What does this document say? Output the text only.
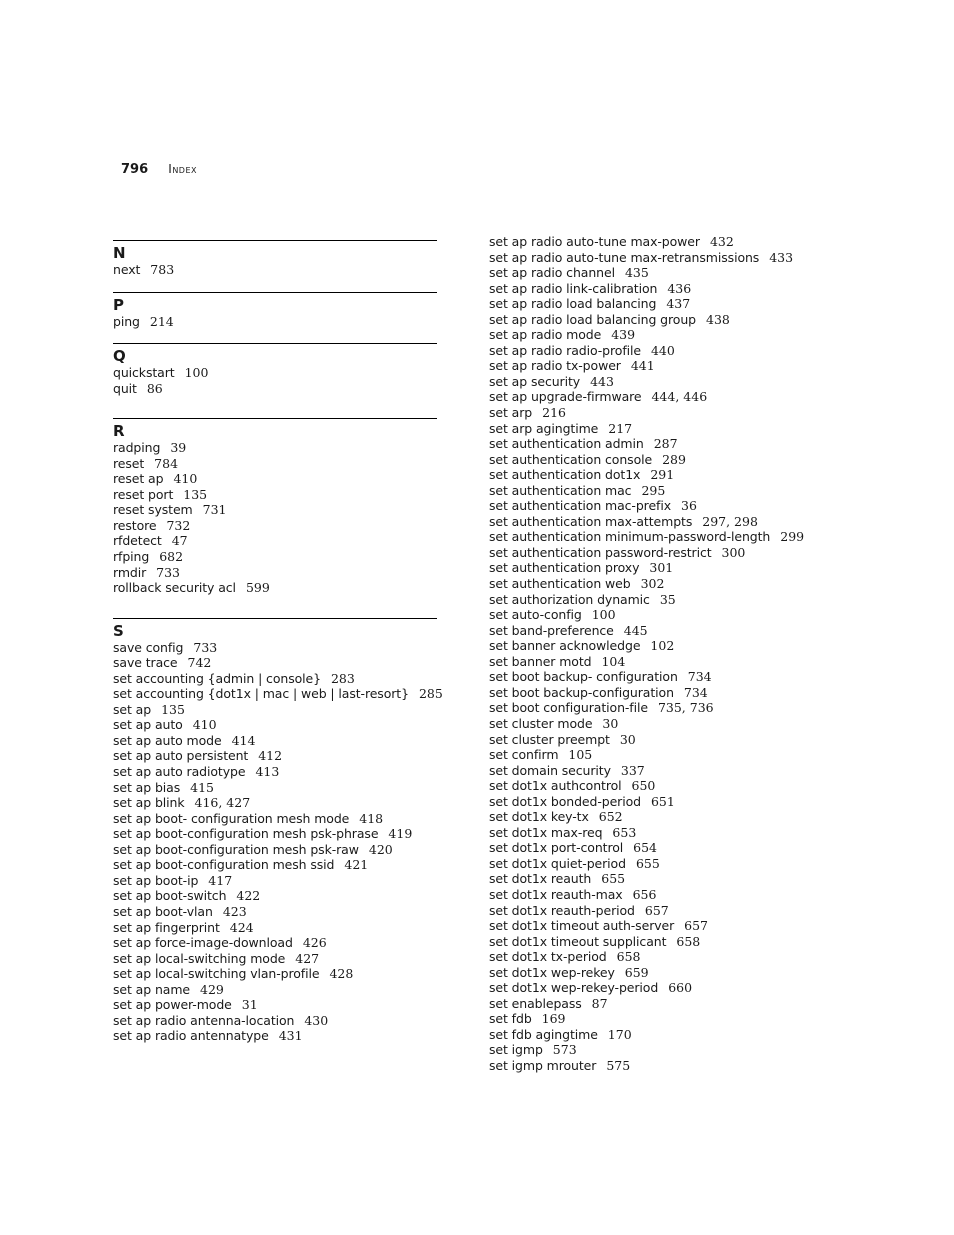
796 Index
N
next 783
P
ping 214
Q
quickstart 100
quit 86
R
radping 39
reset 784
reset ap 410
reset port 135
reset system 731
restore 732
rfdetect 47
rfping 682
rmdir 733
rollback security acl 599
S
save config 733
save trace 742
set accounting {admin | console} 283
set accounting {dot1x | mac | web | last-resort} 285
set ap 135
set ap auto 410
set ap auto mode 414
set ap auto persistent 412
set ap auto radiotype 413
set ap bias 415
set ap blink 416, 427
set ap boot- configuration mesh mode 418
set ap boot-configuration mesh psk-phrase 419
set ap boot-configuration mesh psk-raw 420
set ap boot-configuration mesh ssid 421
set ap boot-ip 417
set ap boot-switch 422
set ap boot-vlan 423
set ap fingerprint 424
set ap force-image-download 426
set ap local-switching mode 427
set ap local-switching vlan-profile 428
set ap name 429
set ap power-mode 31
set ap radio antenna-location 430
set ap radio antennatype 431
set ap radio auto-tune max-power 432
set ap radio auto-tune max-retransmissions 433
set ap radio channel 435
set ap radio link-calibration 436
set ap radio load balancing 437
set ap radio load balancing group 438
set ap radio mode 439
set ap radio radio-profile 440
set ap radio tx-power 441
set ap security 443
set ap upgrade-firmware 444, 446
set arp 216
set arp agingtime 217
set authentication admin 287
set authentication console 289
set authentication dot1x 291
set authentication mac 295
set authentication mac-prefix 36
set authentication max-attempts 297, 298
set authentication minimum-password-length 299
set authentication password-restrict 300
set authentication proxy 301
set authentication web 302
set authorization dynamic 35
set auto-config 100
set band-preference 445
set banner acknowledge 102
set banner motd 104
set boot backup- configuration 734
set boot backup-configuration 734
set boot configuration-file 735, 736
set cluster mode 30
set cluster preempt 30
set confirm 105
set domain security 337
set dot1x authcontrol 650
set dot1x bonded-period 651
set dot1x key-tx 652
set dot1x max-req 653
set dot1x port-control 654
set dot1x quiet-period 655
set dot1x reauth 655
set dot1x reauth-max 656
set dot1x reauth-period 657
set dot1x timeout auth-server 657
set dot1x timeout supplicant 658
set dot1x tx-period 658
set dot1x wep-rekey 659
set dot1x wep-rekey-period 660
set enablepass 87
set fdb 169
set fdb agingtime 170
set igmp 573
set igmp mrouter 575
